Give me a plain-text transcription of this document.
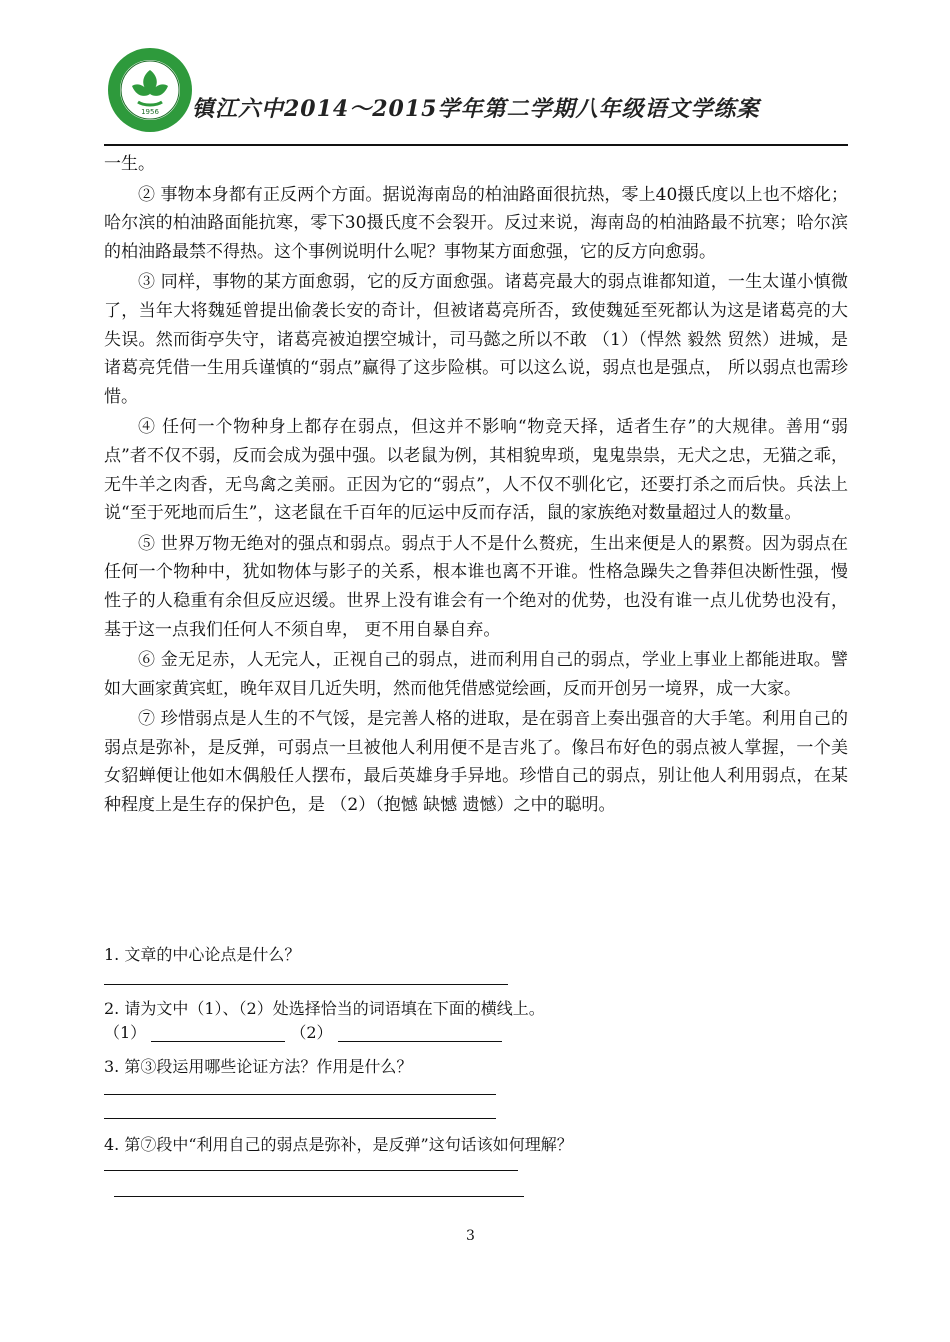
1956 镇江六中2014～2015学年第二学期八年级语文学练案

一生。

② 事物本身都有正反两个方面。据说海南岛的柏油路面很抗热，零上40摄氏度以上也不熔化；哈尔滨的柏油路面能抗寒，零下30摄氏度不会裂开。反过来说，海南岛的柏油路最不抗寒；哈尔滨的柏油路最禁不得热。这个事例说明什么呢？事物某方面愈强，它的反方向愈弱。

③ 同样，事物的某方面愈弱，它的反方面愈强。诸葛亮最大的弱点谁都知道，一生太谨小慎微了，当年大将魏延曾提出偷袭长安的奇计，但被诸葛亮所否，致使魏延至死都认为这是诸葛亮的大失误。然而街亭失守，诸葛亮被迫摆空城计，司马懿之所以不敢 （1）（悍然 毅然 贸然）进城，是诸葛亮凭借一生用兵谨慎的“弱点”赢得了这步险棋。可以这么说，弱点也是强点， 所以弱点也需珍惜。

④ 任何一个物种身上都存在弱点，但这并不影响“物竞天择，适者生存”的大规律。善用“弱点”者不仅不弱，反而会成为强中强。以老鼠为例，其相貌卑琐，鬼鬼祟祟，无犬之忠，无猫之乖，无牛羊之肉香，无鸟禽之美丽。正因为它的“弱点”，人不仅不驯化它，还要打杀之而后快。兵法上说“至于死地而后生”，这老鼠在千百年的厄运中反而存活，鼠的家族绝对数量超过人的数量。

⑤ 世界万物无绝对的强点和弱点。弱点于人不是什么赘疣，生出来便是人的累赘。因为弱点在任何一个物种中，犹如物体与影子的关系，根本谁也离不开谁。性格急躁失之鲁莽但决断性强，慢性子的人稳重有余但反应迟缓。世界上没有谁会有一个绝对的优势，也没有谁一点儿优势也没有， 基于这一点我们任何人不须自卑， 更不用自暴自弃。

⑥ 金无足赤，人无完人，正视自己的弱点，进而利用自己的弱点，学业上事业上都能进取。譬如大画家黄宾虹，晚年双目几近失明，然而他凭借感觉绘画，反而开创另一境界，成一大家。

⑦ 珍惜弱点是人生的不气馁，是完善人格的进取，是在弱音上奏出强音的大手笔。利用自己的弱点是弥补，是反弹，可弱点一旦被他人利用便不是吉兆了。像吕布好色的弱点被人掌握，一个美女貂蝉便让他如木偶般任人摆布，最后英雄身手异地。珍惜自己的弱点，别让他人利用弱点，在某种程度上是生存的保护色，是 （2）（抱憾 缺憾 遗憾）之中的聪明。

1. 文章的中心论点是什么？
2. 请为文中（1）、（2）处选择恰当的词语填在下面的横线上。
（1）	（2）
3. 第③段运用哪些论证方法？作用是什么？
4. 第⑦段中“利用自己的弱点是弥补，是反弹”这句话该如何理解？
3
